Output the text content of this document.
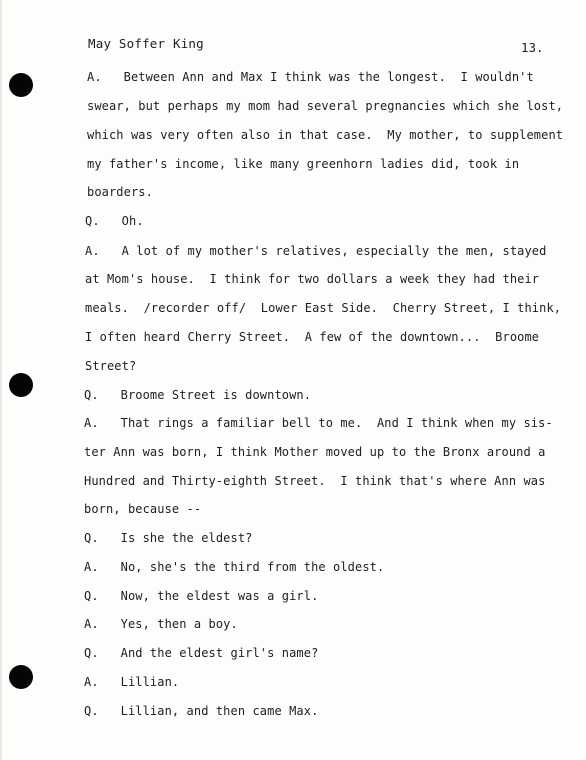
May Soffer King	13.
A.   Between Ann and Max I think was the longest.  I wouldn't
swear, but perhaps my mom had several pregnancies which she lost,
which was very often also in that case.  My mother, to supplement
my father's income, like many greenhorn ladies did, took in
boarders.
Q.   Oh.
A.   A lot of my mother's relatives, especially the men, stayed
at Mom's house.  I think for two dollars a week they had their
meals.  /recorder off/  Lower East Side.  Cherry Street, I think,
I often heard Cherry Street.  A few of the downtown...  Broome
Street?
Q.   Broome Street is downtown.
A.   That rings a familiar bell to me.  And I think when my sis-
ter Ann was born, I think Mother moved up to the Bronx around a
Hundred and Thirty-eighth Street.  I think that's where Ann was
born, because --
Q.   Is she the eldest?
A.   No, she's the third from the oldest.
Q.   Now, the eldest was a girl.
A.   Yes, then a boy.
Q.   And the eldest girl's name?
A.   Lillian.
Q.   Lillian, and then came Max.
